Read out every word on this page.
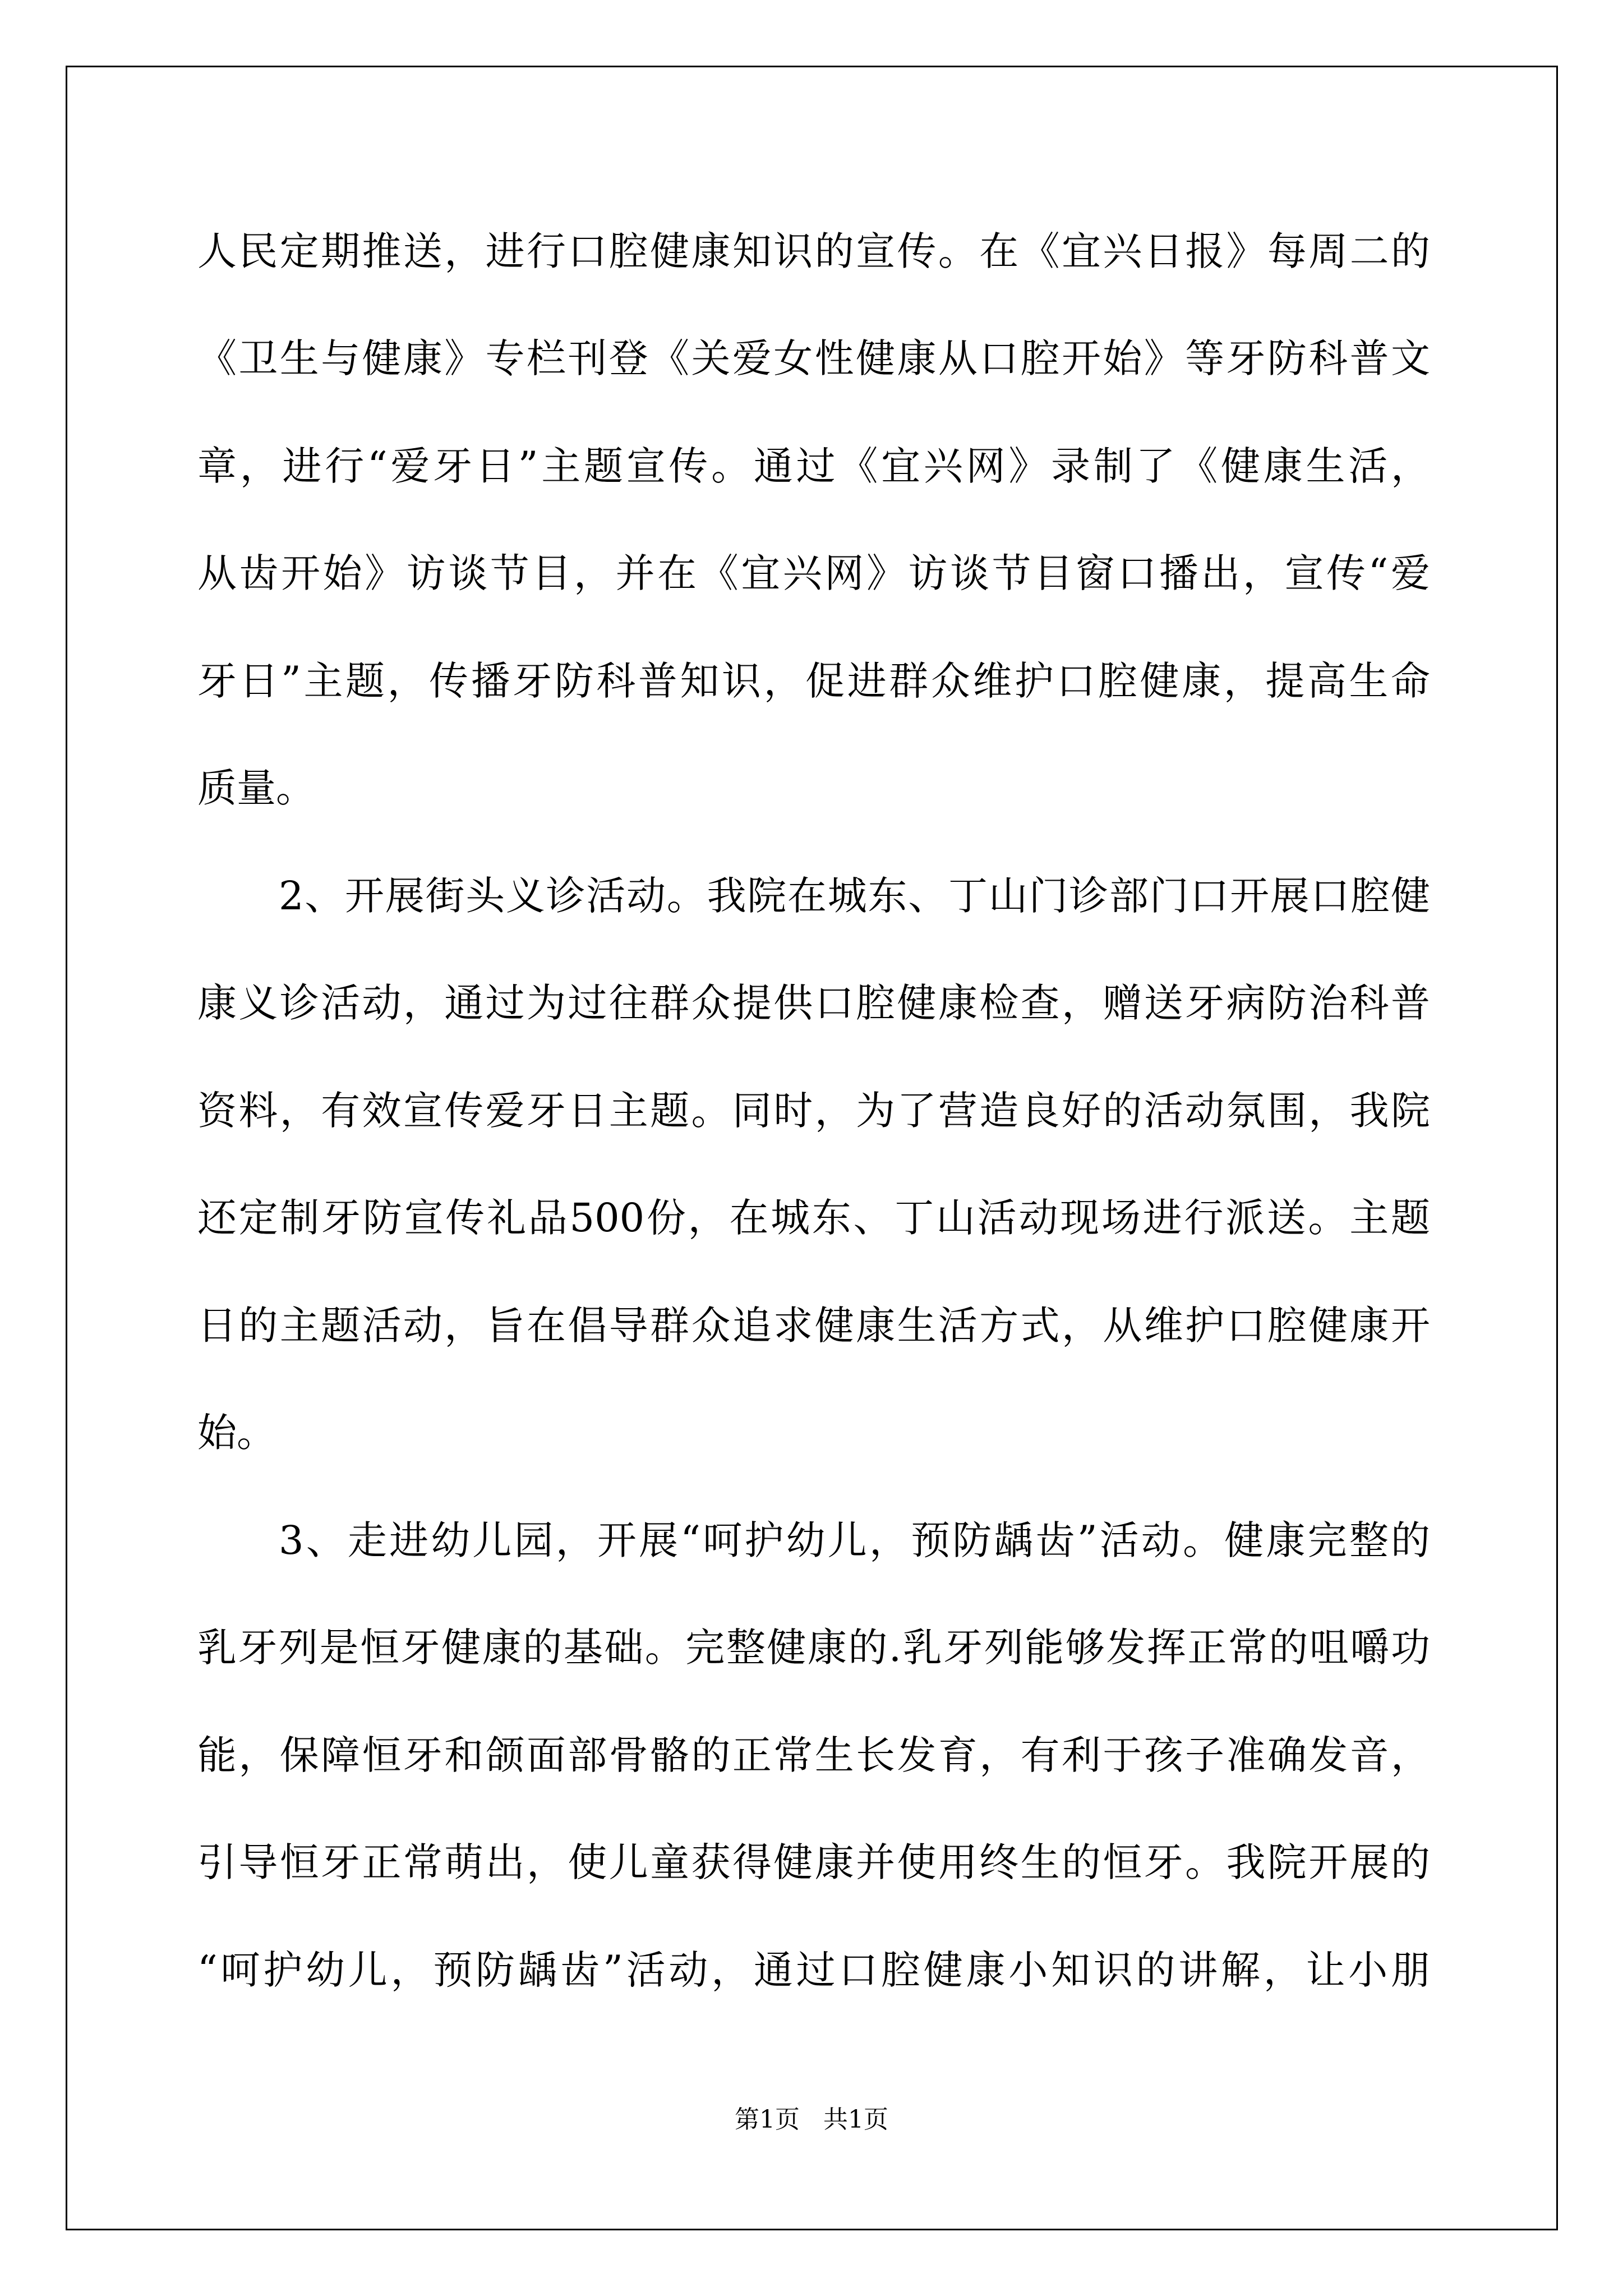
人民定期推送，进行口腔健康知识的宣传。在《宜兴日报》每周二的
《卫生与健康》专栏刊登《关爱女性健康从口腔开始》等牙防科普文
章，进行“爱牙日”主题宣传。通过《宜兴网》录制了《健康生活，
从齿开始》访谈节目，并在《宜兴网》访谈节目窗口播出，宣传“爱
牙日”主题，传播牙防科普知识，促进群众维护口腔健康，提高生命
质量。
2、开展街头义诊活动。我院在城东、丁山门诊部门口开展口腔健
康义诊活动，通过为过往群众提供口腔健康检查，赠送牙病防治科普
资料，有效宣传爱牙日主题。同时，为了营造良好的活动氛围，我院
还定制牙防宣传礼品500份，在城东、丁山活动现场进行派送。主题
日的主题活动，旨在倡导群众追求健康生活方式，从维护口腔健康开
始。
3、走进幼儿园，开展“呵护幼儿，预防龋齿”活动。健康完整的
乳牙列是恒牙健康的基础。完整健康的.乳牙列能够发挥正常的咀嚼功
能，保障恒牙和颌面部骨骼的正常生长发育，有利于孩子准确发音，
引导恒牙正常萌出，使儿童获得健康并使用终生的恒牙。我院开展的
“呵护幼儿，预防龋齿”活动，通过口腔健康小知识的讲解，让小朋
第1页 共1页
